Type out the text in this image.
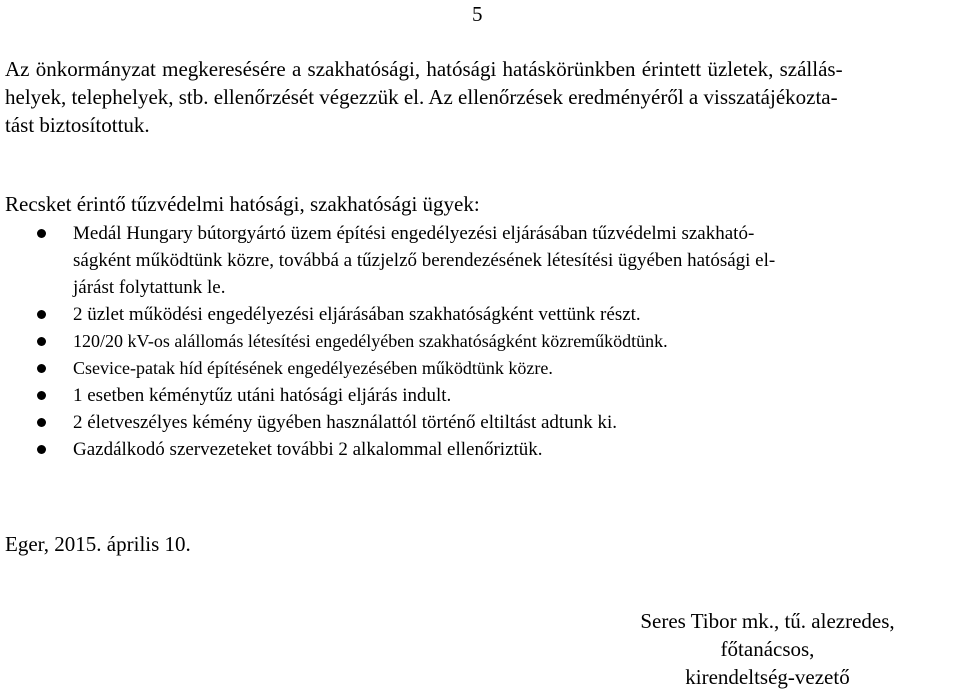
5
Az önkormányzat megkeresésére a szakhatósági, hatósági hatáskörünkben érintett üzletek, szállás-
helyek, telephelyek, stb. ellenőrzését végezzük el. Az ellenőrzések eredményéről a visszatájékozta-
tást biztosítottuk.
Recsket érintő tűzvédelmi hatósági, szakhatósági ügyek:
Medál Hungary bútorgyártó üzem építési engedélyezési eljárásában tűzvédelmi szakható-
ságként működtünk közre, továbbá a tűzjelző berendezésének létesítési ügyében hatósági el-
járást folytattunk le.
2 üzlet működési engedélyezési eljárásában szakhatóságként vettünk részt.
120/20 kV-os alállomás létesítési engedélyében szakhatóságként közreműködtünk.
Csevice-patak híd építésének engedélyezésében működtünk közre.
1 esetben kéménytűz utáni hatósági eljárás indult.
2 életveszélyes kémény ügyében használattól történő eltiltást adtunk ki.
Gazdálkodó szervezeteket további 2 alkalommal ellenőriztük.
Eger, 2015. április 10.
Seres Tibor mk., tű. alezredes,
főtanácsos,
kirendeltség-vezető
